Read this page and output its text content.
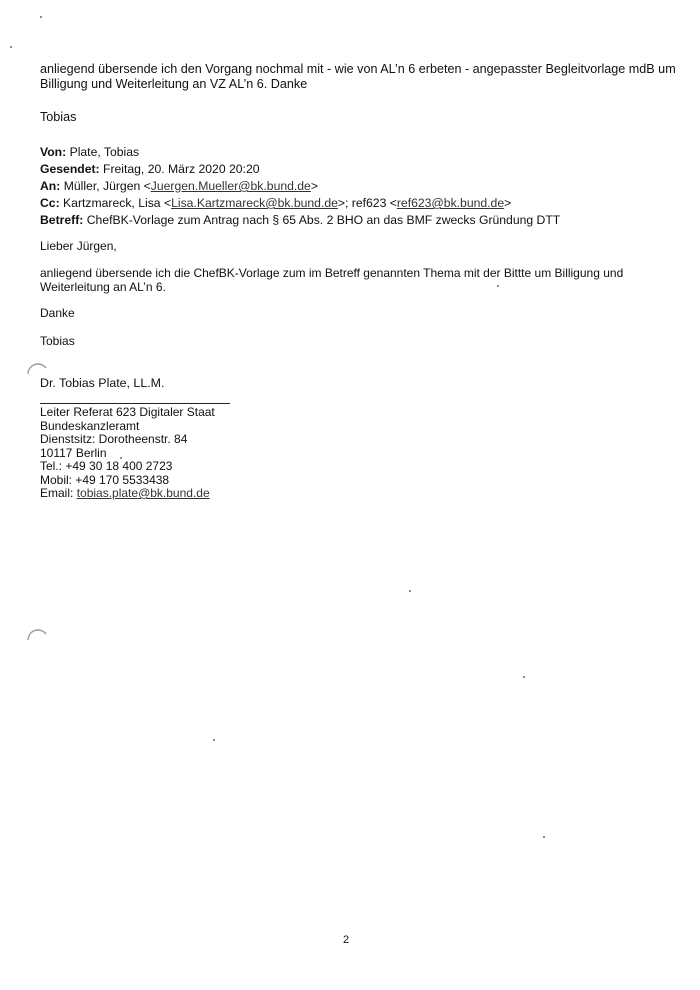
anliegend übersende ich den Vorgang nochmal mit - wie von AL’n 6 erbeten - angepasster Begleitvorlage mdB um

Billigung und Weiterleitung an VZ AL’n 6. Danke

Tobias

Von: Plate, Tobias

Gesendet: Freitag, 20. März 2020 20:20

An: Müller, Jürgen <Juergen.Mueller@bk.bund.de>

Cc: Kartzmareck, Lisa <Lisa.Kartzmareck@bk.bund.de>; ref623 <ref623@bk.bund.de>

Betreff: ChefBK-Vorlage zum Antrag nach § 65 Abs. 2 BHO an das BMF zwecks Gründung DTT

Lieber Jürgen,

anliegend übersende ich die ChefBK-Vorlage zum im Betreff genannten Thema mit der Bittte um Billigung und

Weiterleitung an AL’n 6.

Danke
Tobias
Dr. Tobias Plate, LL.M.

Leiter Referat 623 Digitaler Staat

Bundeskanzleramt

Dienstsitz: Dorotheenstr. 84

10117 Berlin

Tel.: +49 30 18 400 2723

Mobil: +49 170 5533438

Email: tobias.plate@bk.bund.de

2
